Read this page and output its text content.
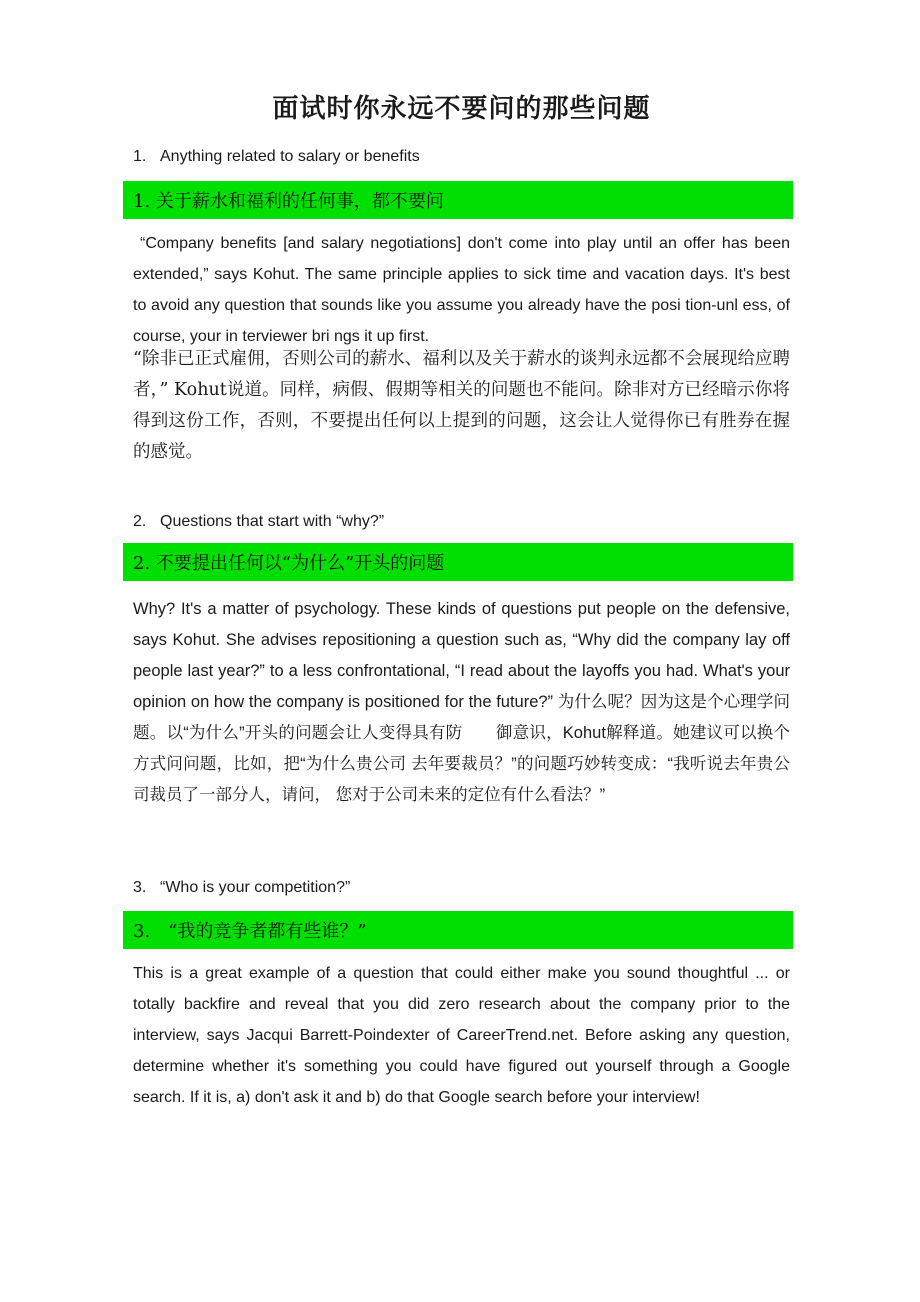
面试时你永远不要问的那些问题
1. Anything related to salary or benefits
1. 关于薪水和福利的任何事，都不要问
“Company benefits [and salary negotiations] don't come into play until an offer has been extended,” says Kohut. The same principle applies to sick time and vacation days. It's best to avoid any question that sounds like you assume you already have the posi tion-unl ess, of course, your in terviewer bri ngs it up first.
“除非已正式雇佣，否则公司的薪水、福利以及关于薪水的谈判永远都不会展现给应聘者，” Kohut说道。同样，病假、假期等相关的问题也不能问。除非对方已经暗示你将得到这份工作，否则，不要提出任何以上提到的问题，这会让人觉得你已有胜券在握的感觉。
2. Questions that start with “why?”
2. 不要提出任何以“为什么”开头的问题
Why? It's a matter of psychology. These kinds of questions put people on the defensive, says Kohut. She advises repositioning a question such as, “Why did the company lay off people last year?” to a less confrontational, “I read about the layoffs you had. What's your opinion on how the company is positioned for the future?” 为什么呢？因为这是个心理学问题。以“为什么”开头的问题会让人变得具有防　　御意识，Kohut解释道。她建议可以换个方式问问题，比如，把“为什么贵公司 去年要裁员？”的问题巧妙转变成：“我听说去年贵公司裁员了一部分人，请问， 您对于公司未来的定位有什么看法？”
3. “Who is your competition?”
3.　“我的竞争者都有些谁？”
This is a great example of a question that could either make you sound thoughtful ... or totally backfire and reveal that you did zero research about the company prior to the interview, says Jacqui Barrett-Poindexter of CareerTrend.net. Before asking any question, determine whether it's something you could have figured out yourself through a Google search. If it is, a) don't ask it and b) do that Google search before your interview!
